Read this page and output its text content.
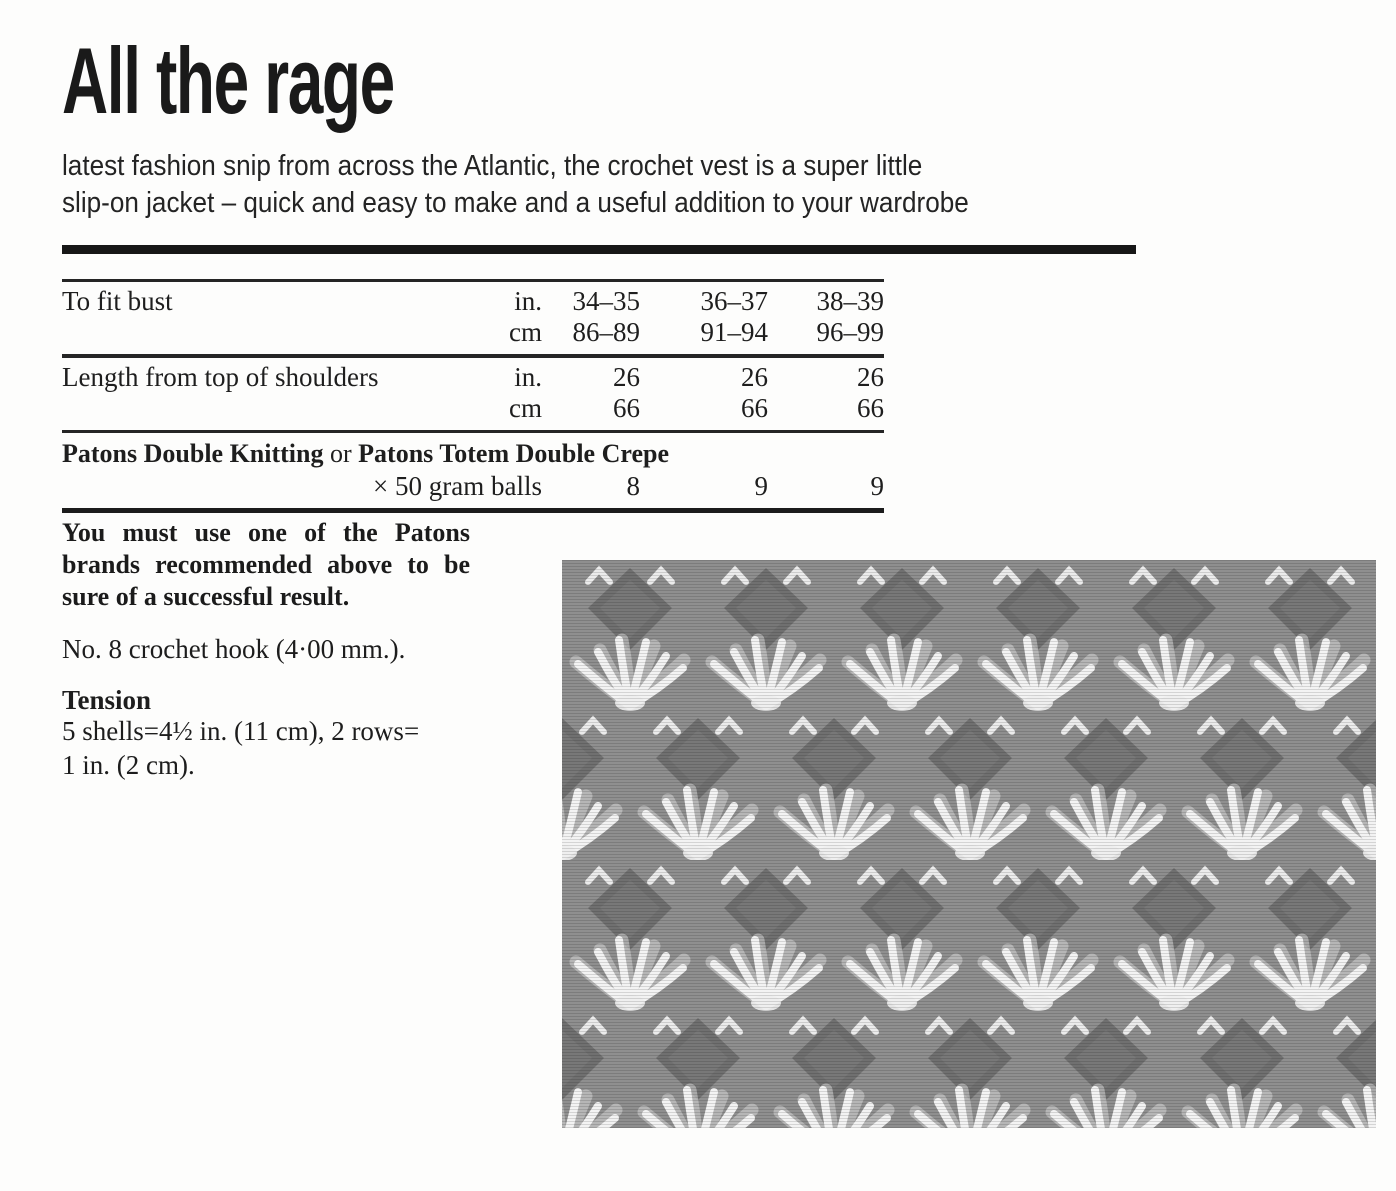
All the rage
latest fashion snip from across the Atlantic, the crochet vest is a super little
slip-on jacket – quick and easy to make and a useful addition to your wardrobe
To fit bust	in.	34–35	36–37	38–39
cm	86–89	91–94	96–99
Length from top of shoulders	in.	26	26	26
cm	66	66	66
Patons Double Knitting or Patons Totem Double Crepe
× 50 gram balls	8	9	9
You must use one of the Patons
brands recommended above to be
sure of a successful result.
No. 8 crochet hook (4·00 mm.).
Tension
5 shells=4½ in. (11 cm), 2 rows=
1 in. (2 cm).
